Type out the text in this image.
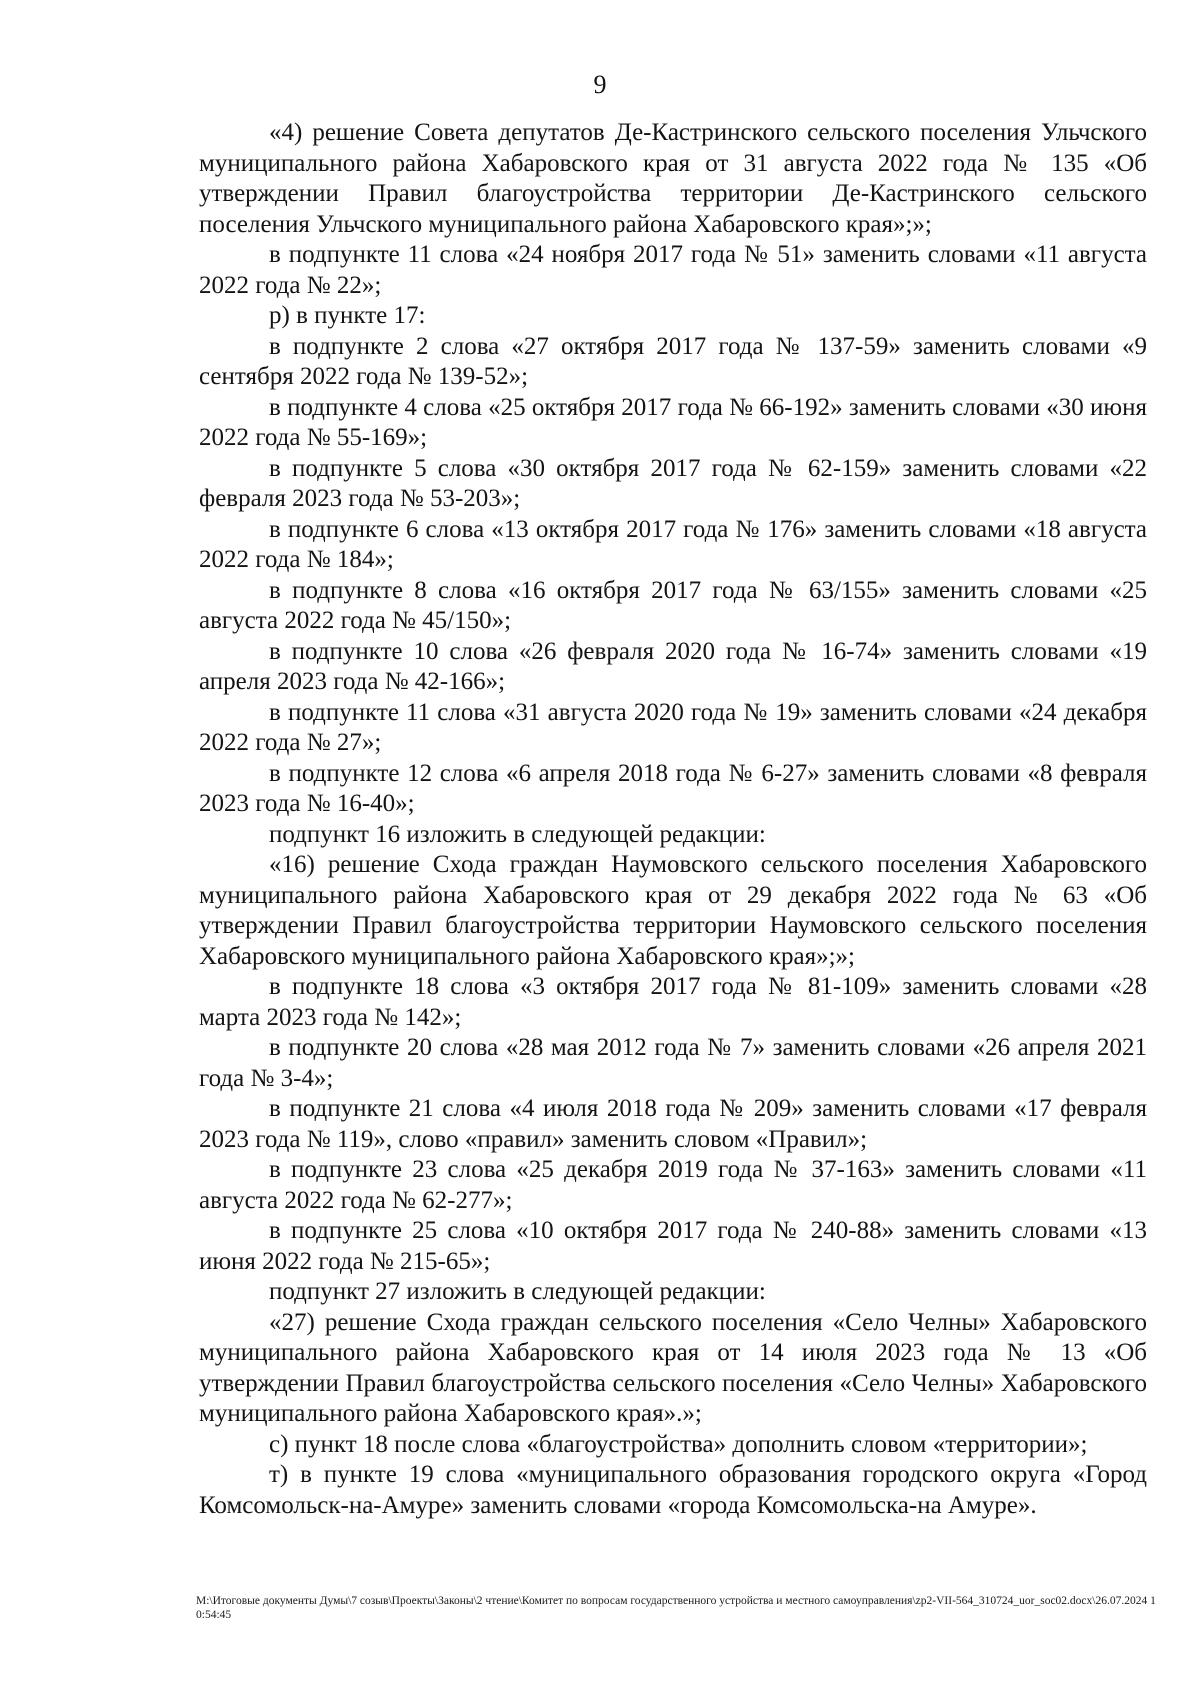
9

«4) решение Совета депутатов Де-Кастринского сельского поселения Ульчского муниципального района Хабаровского края от 31 августа 2022 года № 135 «Об утверждении Правил благоустройства территории Де-Кастринского сельского поселения Ульчского муниципального района Хабаровского края»;»;

в подпункте 11 слова «24 ноября 2017 года № 51» заменить словами «11 августа 2022 года № 22»;

р) в пункте 17:

в подпункте 2 слова «27 октября 2017 года № 137-59» заменить словами «9 сентября 2022 года № 139-52»;

в подпункте 4 слова «25 октября 2017 года № 66-192» заменить словами «30 июня 2022 года № 55-169»;

в подпункте 5 слова «30 октября 2017 года № 62-159» заменить словами «22 февраля 2023 года № 53-203»;

в подпункте 6 слова «13 октября 2017 года № 176» заменить словами «18 августа 2022 года № 184»;

в подпункте 8 слова «16 октября 2017 года № 63/155» заменить словами «25 августа 2022 года № 45/150»;

в подпункте 10 слова «26 февраля 2020 года № 16-74» заменить словами «19 апреля 2023 года № 42-166»;

в подпункте 11 слова «31 августа 2020 года № 19» заменить словами «24 декабря 2022 года № 27»;

в подпункте 12 слова «6 апреля 2018 года № 6-27» заменить словами «8 февраля 2023 года № 16-40»;

подпункт 16 изложить в следующей редакции:

«16) решение Схода граждан Наумовского сельского поселения Хабаровского муниципального района Хабаровского края от 29 декабря 2022 года № 63 «Об утверждении Правил благоустройства территории Наумовского сельского поселения Хабаровского муниципального района Хабаровского края»;»;

в подпункте 18 слова «3 октября 2017 года № 81-109» заменить словами «28 марта 2023 года № 142»;

в подпункте 20 слова «28 мая 2012 года № 7» заменить словами «26 апреля 2021 года № 3-4»;

в подпункте 21 слова «4 июля 2018 года № 209» заменить словами «17 февраля 2023 года № 119», слово «правил» заменить словом «Правил»;

в подпункте 23 слова «25 декабря 2019 года № 37-163» заменить словами «11 августа 2022 года № 62-277»;

в подпункте 25 слова «10 октября 2017 года № 240-88» заменить словами «13 июня 2022 года № 215-65»;

подпункт 27 изложить в следующей редакции:

«27) решение Схода граждан сельского поселения «Село Челны» Хабаровского муниципального района Хабаровского края от 14 июля 2023 года № 13 «Об утверждении Правил благоустройства сельского поселения «Село Челны» Хабаровского муниципального района Хабаровского края».»;

с) пункт 18 после слова «благоустройства» дополнить словом «территории»;

т) в пункте 19 слова «муниципального образования городского округа «Город Комсомольск-на-Амуре» заменить словами «города Комсомольска-на Амуре».

М:\Итоговые документы Думы\7 созыв\Проекты\Законы\2 чтение\Комитет по вопросам государственного устройства и местного самоуправления\zp2-VII-564_310724_uor_soc02.docx\26.07.2024 10:54:45
